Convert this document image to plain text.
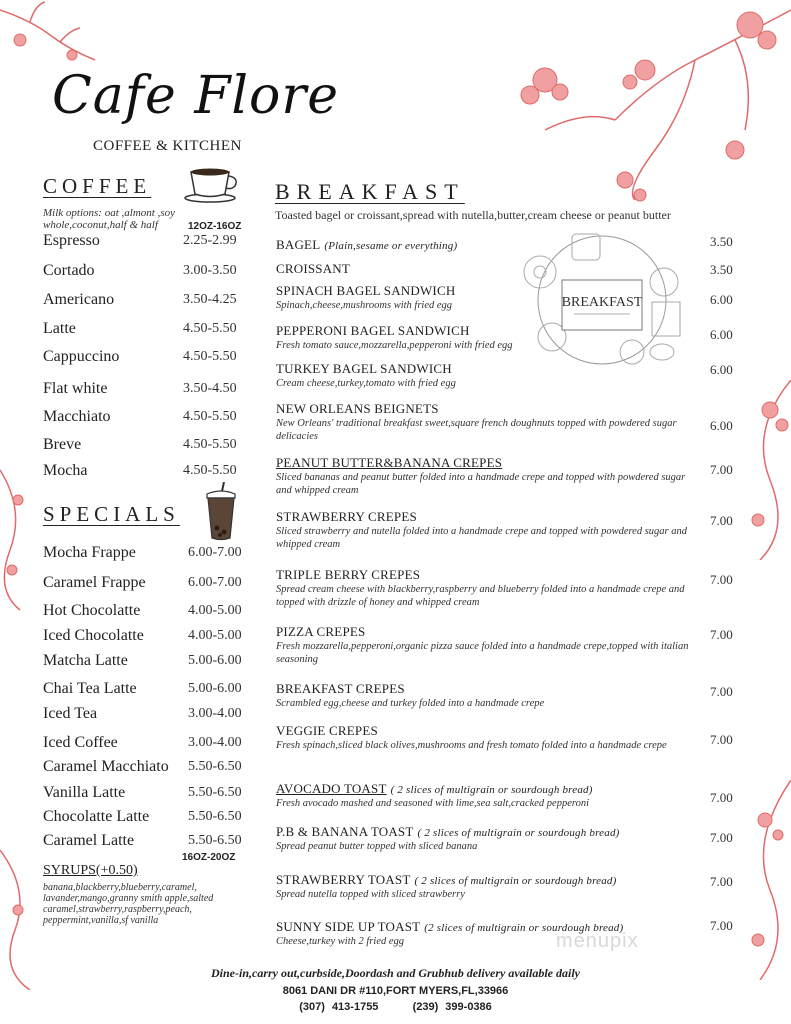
Cafe Flore
COFFEE & KITCHEN
COFFEE
Milk options: oat ,almont ,soy whole,coconut,half & half	12OZ-16OZ
Espresso	2.25-2.99
Cortado	3.00-3.50
Americano	3.50-4.25
Latte	4.50-5.50
Cappuccino	4.50-5.50
Flat white	3.50-4.50
Macchiato	4.50-5.50
Breve	4.50-5.50
Mocha	4.50-5.50
SPECIALS
Mocha Frappe	6.00-7.00
Caramel Frappe	6.00-7.00
Hot Chocolatte	4.00-5.00
Iced Chocolatte	4.00-5.00
Matcha Latte	5.00-6.00
Chai Tea Latte	5.00-6.00
Iced Tea	3.00-4.00
Iced Coffee	3.00-4.00
Caramel Macchiato 5.50-6.50
Vanilla Latte	5.50-6.50
Chocolatte Latte	5.50-6.50
Caramel Latte	5.50-6.50
16OZ-20OZ
SYRUPS(+0.50)
banana,blackberry,blueberry,caramel, lavander,mango,granny smith apple,salted caramel,strawberry,raspberry,peach, peppermint,vanilla,sf vanilla
BREAKFAST
Toasted bagel or croissant,spread with nutella,butter,cream cheese or peanut butter
BREAKFAST
BAGEL (Plain,sesame or everything)	3.50
CROISSANT	3.50
SPINACH BAGEL SANDWICH
Spinach,cheese,mushrooms with fried egg	6.00
PEPPERONI BAGEL SANDWICH
Fresh tomato sauce,mozzarella,pepperoni with fried egg
6.00
TURKEY BAGEL SANDWICH
Cream cheese,turkey,tomato with fried egg
6.00
NEW ORLEANS BEIGNETS
New Orleans' traditional breakfast sweet,square french doughnuts topped with powdered sugar delicacies
6.00
PEANUT BUTTER&BANANA CREPES
Sliced bananas and peanut butter folded into a handmade crepe and topped with powdered sugar and whipped cream
7.00
STRAWBERRY CREPES
Sliced strawberry and nutella folded into a handmade crepe and topped with powdered sugar and whipped cream
7.00
TRIPLE BERRY CREPES
Spread cream cheese with blackberry,raspberry and blueberry folded into a handmade crepe and topped with drizzle of honey and whipped cream
7.00
PIZZA CREPES
Fresh mozzarella,pepperoni,organic pizza sauce folded into a handmade crepe,topped with italian seasoning
7.00
BREAKFAST CREPES
Scrambled egg,cheese and turkey folded into a handmade crepe
7.00
VEGGIE CREPES
Fresh spinach,sliced black olives,mushrooms and fresh tomato folded into a handmade crepe	7.00
AVOCADO TOAST ( 2 slices of multigrain or sourdough bread)
Fresh avocado mashed and seasoned with lime,sea salt,cracked pepperoni	7.00
P.B & BANANA TOAST ( 2 slices of multigrain or sourdough bread)
Spread peanut butter topped with sliced banana
7.00
STRAWBERRY TOAST ( 2 slices of multigrain or sourdough bread)
Spread nutella topped with sliced strawberry
7.00
SUNNY SIDE UP TOAST (2 slices of multigrain or sourdough bread)
Cheese,turkey with 2 fried egg
7.00
Dine-in,carry out,curbside,Doordash and Grubhub delivery available daily
8061 DANI DR #110,FORT MYERS,FL,33966
(307) 413-1755	(239) 399-0386
menupix
